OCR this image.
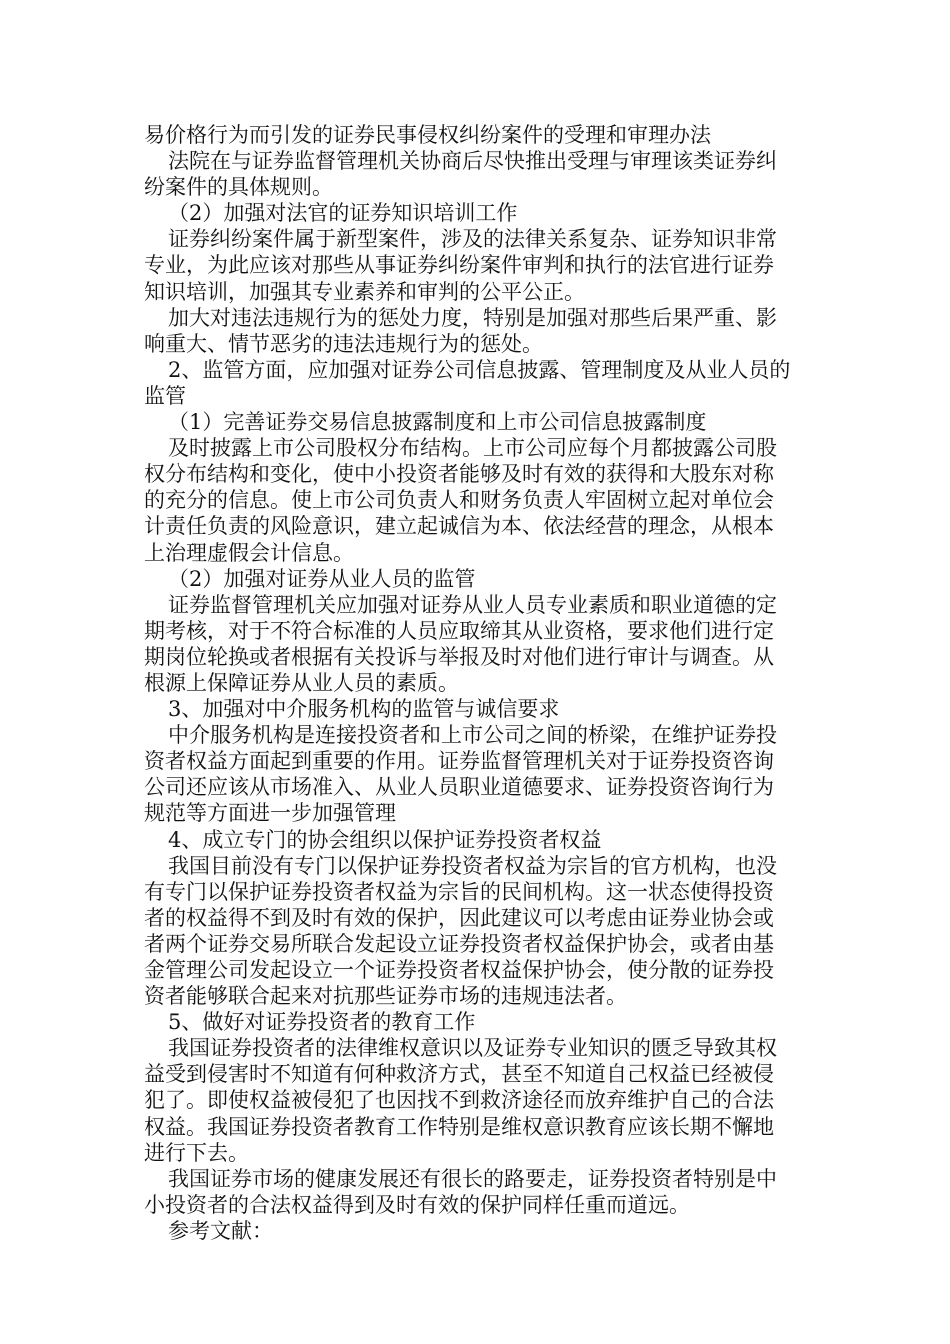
易价格行为而引发的证券民事侵权纠纷案件的受理和审理办法

法院在与证券监督管理机关协商后尽快推出受理与审理该类证券纠纷案件的具体规则。

（2）加强对法官的证券知识培训工作

证券纠纷案件属于新型案件，涉及的法律关系复杂、证券知识非常专业，为此应该对那些从事证券纠纷案件审判和执行的法官进行证券知识培训，加强其专业素养和审判的公平公正。

加大对违法违规行为的惩处力度，特别是加强对那些后果严重、影响重大、情节恶劣的违法违规行为的惩处。

2、监管方面，应加强对证券公司信息披露、管理制度及从业人员的监管

（1）完善证券交易信息披露制度和上市公司信息披露制度

及时披露上市公司股权分布结构。上市公司应每个月都披露公司股权分布结构和变化，使中小投资者能够及时有效的获得和大股东对称的充分的信息。使上市公司负责人和财务负责人牢固树立起对单位会计责任负责的风险意识，建立起诚信为本、依法经营的理念，从根本上治理虚假会计信息。

（2）加强对证券从业人员的监管

证券监督管理机关应加强对证券从业人员专业素质和职业道德的定期考核，对于不符合标准的人员应取缔其从业资格，要求他们进行定期岗位轮换或者根据有关投诉与举报及时对他们进行审计与调查。从根源上保障证券从业人员的素质。

3、加强对中介服务机构的监管与诚信要求

中介服务机构是连接投资者和上市公司之间的桥梁，在维护证券投资者权益方面起到重要的作用。证券监督管理机关对于证券投资咨询公司还应该从市场准入、从业人员职业道德要求、证券投资咨询行为规范等方面进一步加强管理

4、成立专门的协会组织以保护证券投资者权益

我国目前没有专门以保护证券投资者权益为宗旨的官方机构，也没有专门以保护证券投资者权益为宗旨的民间机构。这一状态使得投资者的权益得不到及时有效的保护，因此建议可以考虑由证券业协会或者两个证券交易所联合发起设立证券投资者权益保护协会，或者由基金管理公司发起设立一个证券投资者权益保护协会，使分散的证券投资者能够联合起来对抗那些证券市场的违规违法者。

5、做好对证券投资者的教育工作

我国证券投资者的法律维权意识以及证券专业知识的匮乏导致其权益受到侵害时不知道有何种救济方式，甚至不知道自己权益已经被侵犯了。即使权益被侵犯了也因找不到救济途径而放弃维护自己的合法权益。我国证券投资者教育工作特别是维权意识教育应该长期不懈地进行下去。

我国证券市场的健康发展还有很长的路要走，证券投资者特别是中小投资者的合法权益得到及时有效的保护同样任重而道远。

参考文献：
